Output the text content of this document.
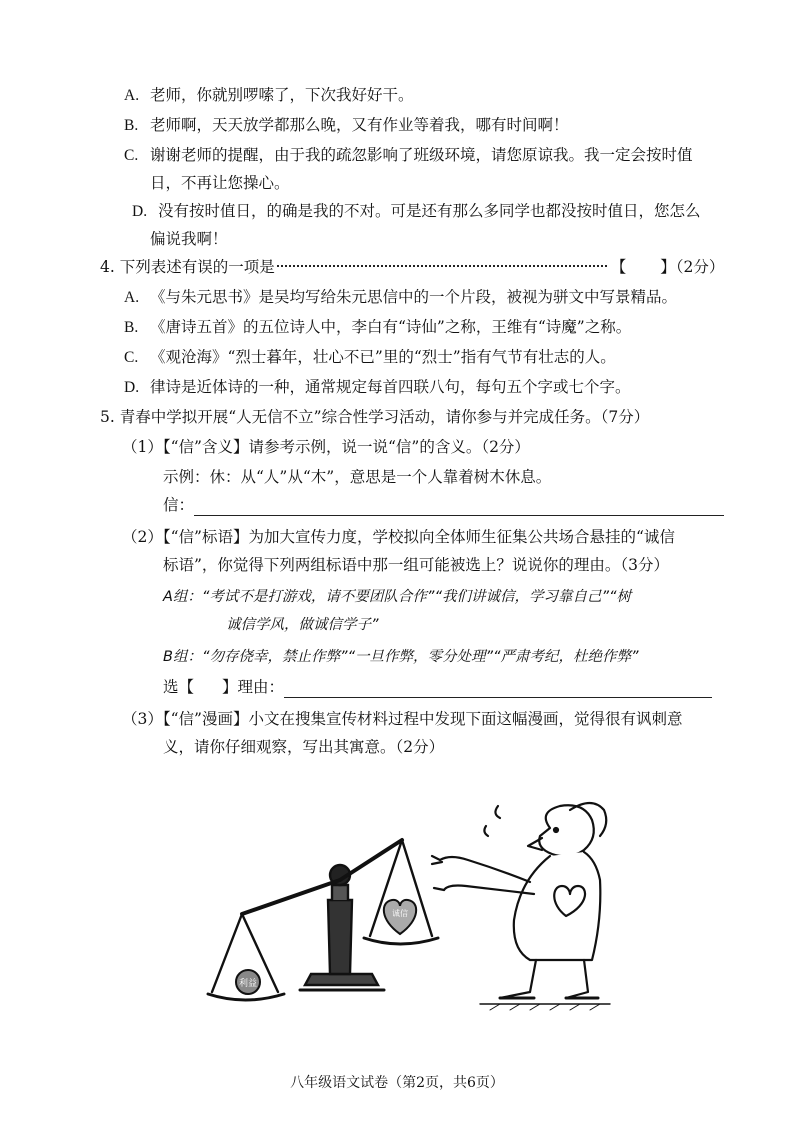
A. 老师，你就别啰嗦了，下次我好好干。
B. 老师啊，天天放学都那么晚，又有作业等着我，哪有时间啊！
C. 谢谢老师的提醒，由于我的疏忽影响了班级环境，请您原谅我。我一定会按时值
日，不再让您操心。
D. 没有按时值日，的确是我的不对。可是还有那么多同学也都没按时值日，您怎么
偏说我啊！
4. 下列表述有误的一项是	【 】（2分）
A. 《与朱元思书》是吴均写给朱元思信中的一个片段，被视为骈文中写景精品。
B. 《唐诗五首》的五位诗人中，李白有“诗仙”之称，王维有“诗魔”之称。
C. 《观沧海》“烈士暮年，壮心不已”里的“烈士”指有气节有壮志的人。
D. 律诗是近体诗的一种，通常规定每首四联八句，每句五个字或七个字。
5. 青春中学拟开展“人无信不立”综合性学习活动，请你参与并完成任务。（7分）
（1）【“信”含义】请参考示例，说一说“信”的含义。（2分）
示例：休：从“人”从“木”，意思是一个人靠着树木休息。
信：
（2）【“信”标语】为加大宣传力度，学校拟向全体师生征集公共场合悬挂的“诚信
标语”，你觉得下列两组标语中那一组可能被选上？说说你的理由。（3分）
A组：“考试不是打游戏，请不要团队合作”“我们讲诚信，学习靠自己”“树
诚信学风，做诚信学子”
B组：“勿存侥幸，禁止作弊”“一旦作弊，零分处理”“严肃考纪，杜绝作弊”
选【 】理由：
（3）【“信”漫画】小文在搜集宣传材料过程中发现下面这幅漫画，觉得很有讽刺意
义，请你仔细观察，写出其寓意。（2分）
利益
诚信
八年级语文试卷（第2页，共6页）
